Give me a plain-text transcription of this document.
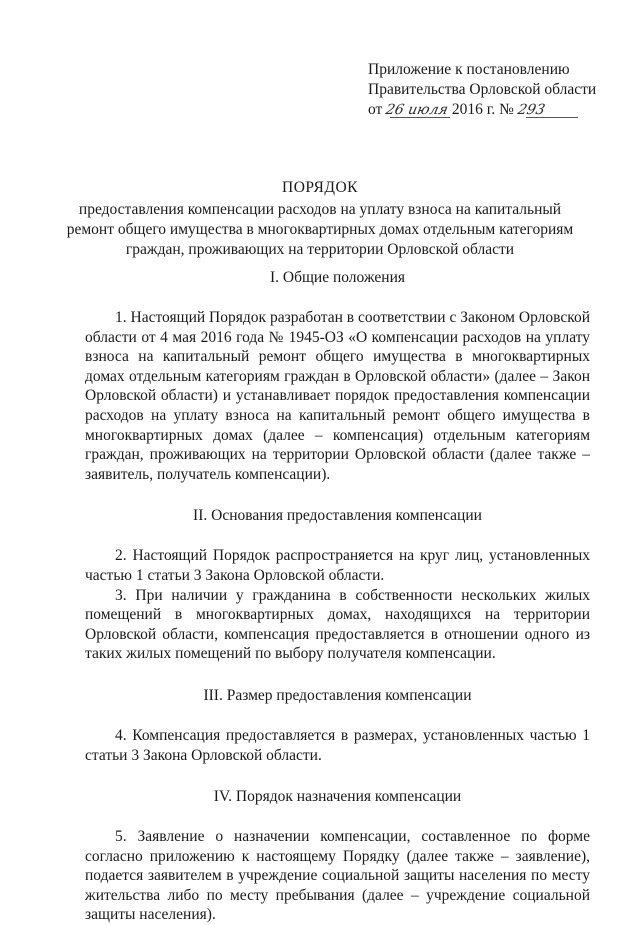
Приложение к постановлению
Правительства Орловской области
от 26 июля 2016 г. № 293
ПОРЯДОК
предоставления компенсации расходов на уплату взноса на капитальный ремонт общего имущества в многоквартирных домах отдельным категориям граждан, проживающих на территории Орловской области
I. Общие положения

1. Настоящий Порядок разработан в соответствии с Законом Орловской области от 4 мая 2016 года № 1945-ОЗ «О компенсации расходов на уплату взноса на капитальный ремонт общего имущества в многоквартирных домах отдельным категориям граждан в Орловской области» (далее – Закон Орловской области) и устанавливает порядок предоставления компенсации расходов на уплату взноса на капитальный ремонт общего имущества в многоквартирных домах (далее – компенсация) отдельным категориям граждан, проживающих на территории Орловской области (далее также – заявитель, получатель компенсации).

II. Основания предоставления компенсации

2. Настоящий Порядок распространяется на круг лиц, установленных частью 1 статьи 3 Закона Орловской области.

3. При наличии у гражданина в собственности нескольких жилых помещений в многоквартирных домах, находящихся на территории Орловской области, компенсация предоставляется в отношении одного из таких жилых помещений по выбору получателя компенсации.

III. Размер предоставления компенсации

4. Компенсация предоставляется в размерах, установленных частью 1 статьи 3 Закона Орловской области.

IV. Порядок назначения компенсации

5. Заявление о назначении компенсации, составленное по форме согласно приложению к настоящему Порядку (далее также – заявление), подается заявителем в учреждение социальной защиты населения по месту жительства либо по месту пребывания (далее – учреждение социальной защиты населения).
